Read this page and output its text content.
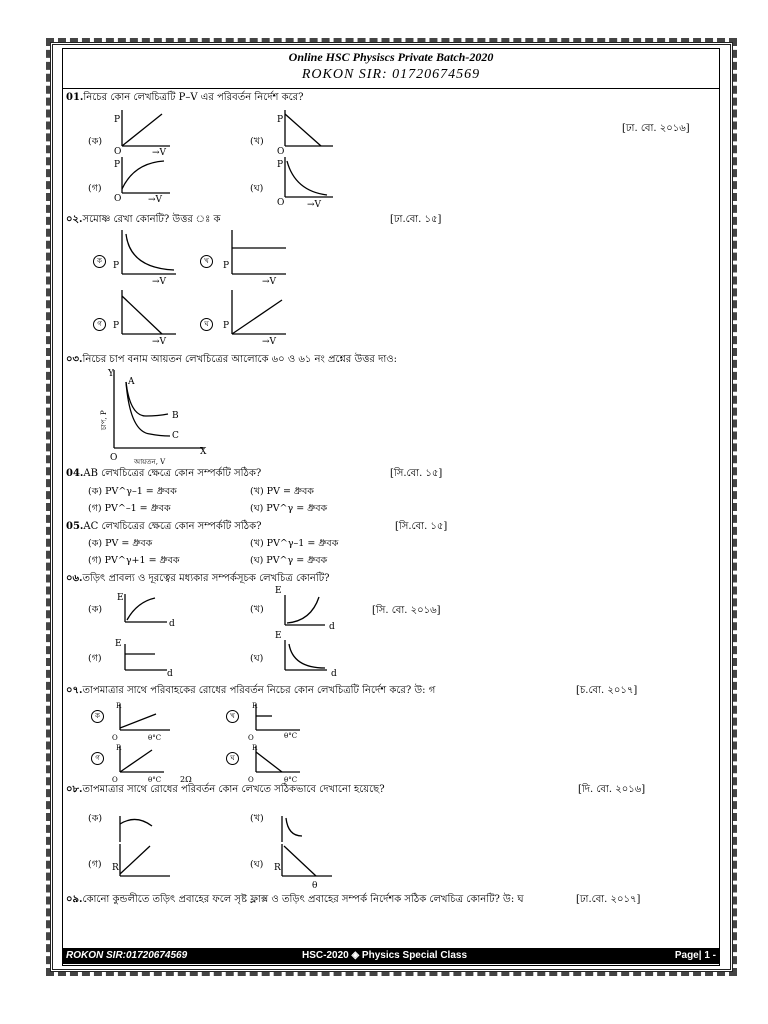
Online HSC Physiscs Private Batch-2020
ROKON SIR: 01720674569
01.নিচের কোন লেখচিত্রটি P–V এর পরিবর্তন নির্দেশ করে?
[ঢা. বো. ২০১৬]
(ক)	(খ)
(গ)	(ঘ)
P
O	→V
P
O
P
O	→V
P
O	→V
০২.সমোষ্ণ রেখা কোনটি? উত্তর ঃ ক	[ঢা.বো. ১৫]
ক	খ
গ	ঘ
P
→V
P
→V
P
→V
P
→V
০৩.নিচের চাপ বনাম আয়তন লেখচিত্রের আলোকে ৬০ ও ৬১ নং প্রশ্নের উত্তর দাও:
Y
X
O
A
B
C
আয়তন, V
চাপ, P
04.AB লেখচিত্রের ক্ষেত্রে কোন সম্পর্কটি সঠিক?	[সি.বো. ১৫]
(ক) PV^γ–1 = ধ্রুবক	(খ) PV = ধ্রুবক
(গ) PV^–1 = ধ্রুবক	(ঘ) PV^γ = ধ্রুবক
05.AC লেখচিত্রের ক্ষেত্রে কোন সম্পর্কটি সঠিক?	[সি.বো. ১৫]
(ক) PV = ধ্রুবক	(খ) PV^γ–1 = ধ্রুবক
(গ) PV^γ+1 = ধ্রুবক	(ঘ) PV^γ = ধ্রুবক
০৬.তড়িৎ প্রাবল্য ও দূরত্বের মধ্যকার সম্পর্কসূচক লেখচিত্র কোনটি?
[সি. বো. ২০১৬]
(ক)	(খ)
(গ)	(ঘ)
E
d
E
d
E
d
E
d
০৭.তাপমাত্রার সাথে পরিবাহকের রোধের পরিবর্তন নিচের কোন লেখচিত্রটি নির্দেশ করে? উ: গ	[চ.বো. ২০১৭]
ক	খ
গ	ঘ
R
O	θ°C
R
O	θ°C
R
O	θ°C 2Ω
R
O	θ°C
০৮.তাপমাত্রার সাথে রোধের পরিবর্তন কোন লেখতে সঠিকভাবে দেখানো হয়েছে?	[দি. বো. ২০১৬]
(ক)	(খ)
(গ)	(ঘ)
R	R
θ
০৯.কোনো কুন্ডলীতে তড়িৎ প্রবাহের ফলে সৃষ্ট ফ্লাক্স ও তড়িৎ প্রবাহের সম্পর্ক নির্দেশক সঠিক লেখচিত্র কোনটি? উ: ঘ	[ঢা.বো. ২০১৭]
ROKON SIR:01720674569	HSC-2020 ◈ Physics Special Class	Page| 1 -
